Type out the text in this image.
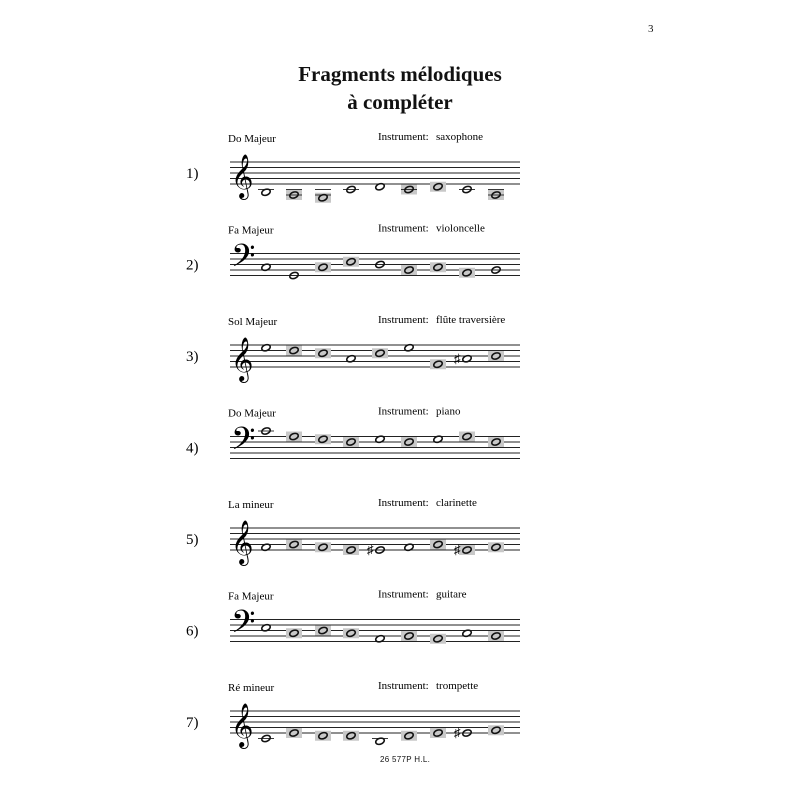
3
Fragments mélodiques
à compléter
Do Majeur	Instrument: saxophone
1) 𝄞
Fa Majeur	Instrument: violoncelle
2) 𝄢
Sol Majeur	Instrument: flûte traversière
3) 𝄞	♯
Do Majeur	Instrument: piano
4) 𝄢
La mineur	Instrument: clarinette
5) 𝄞	♯	♯
Fa Majeur	Instrument: guitare
6) 𝄢
Ré mineur	Instrument: trompette
7) 𝄞	♯
26 577P H.L.
